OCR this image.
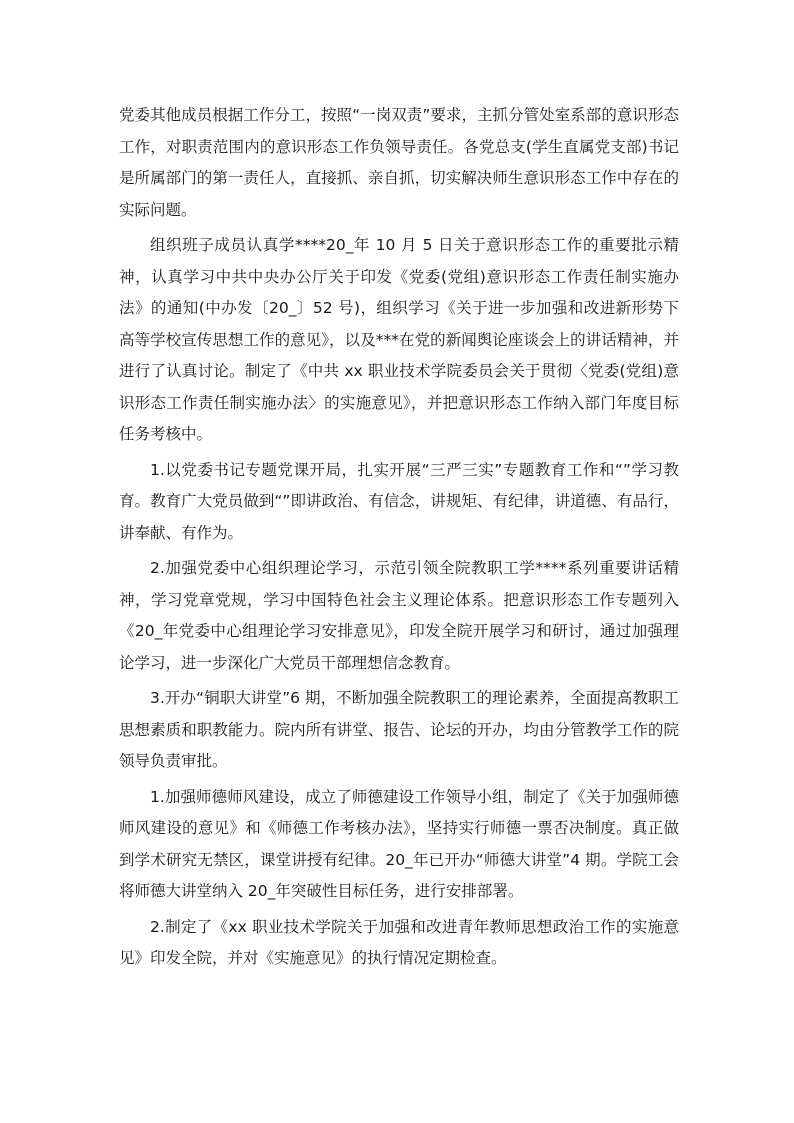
党委其他成员根据工作分工，按照“一岗双责”要求，主抓分管处室系部的意识形态工作，对职责范围内的意识形态工作负领导责任。各党总支(学生直属党支部)书记是所属部门的第一责任人，直接抓、亲自抓，切实解决师生意识形态工作中存在的实际问题。

组织班子成员认真学****20_年 10 月 5 日关于意识形态工作的重要批示精神，认真学习中共中央办公厅关于印发《党委(党组)意识形态工作责任制实施办法》的通知(中办发〔20_〕52 号)，组织学习《关于进一步加强和改进新形势下高等学校宣传思想工作的意见》，以及***在党的新闻舆论座谈会上的讲话精神，并进行了认真讨论。制定了《中共 xx 职业技术学院委员会关于贯彻〈党委(党组)意识形态工作责任制实施办法〉的实施意见》，并把意识形态工作纳入部门年度目标任务考核中。

1.以党委书记专题党课开局，扎实开展“三严三实”专题教育工作和“”学习教育。教育广大党员做到“”即讲政治、有信念，讲规矩、有纪律，讲道德、有品行，讲奉献、有作为。

2.加强党委中心组织理论学习，示范引领全院教职工学****系列重要讲话精神，学习党章党规，学习中国特色社会主义理论体系。把意识形态工作专题列入《20_年党委中心组理论学习安排意见》，印发全院开展学习和研讨，通过加强理论学习，进一步深化广大党员干部理想信念教育。

3.开办“铜职大讲堂”6 期，不断加强全院教职工的理论素养，全面提高教职工思想素质和职教能力。院内所有讲堂、报告、论坛的开办，均由分管教学工作的院领导负责审批。

1.加强师德师风建设，成立了师德建设工作领导小组，制定了《关于加强师德师风建设的意见》和《师德工作考核办法》，坚持实行师德一票否决制度。真正做到学术研究无禁区，课堂讲授有纪律。20_年已开办“师德大讲堂”4 期。学院工会将师德大讲堂纳入 20_年突破性目标任务，进行安排部署。

2.制定了《xx 职业技术学院关于加强和改进青年教师思想政治工作的实施意见》印发全院，并对《实施意见》的执行情况定期检查。
